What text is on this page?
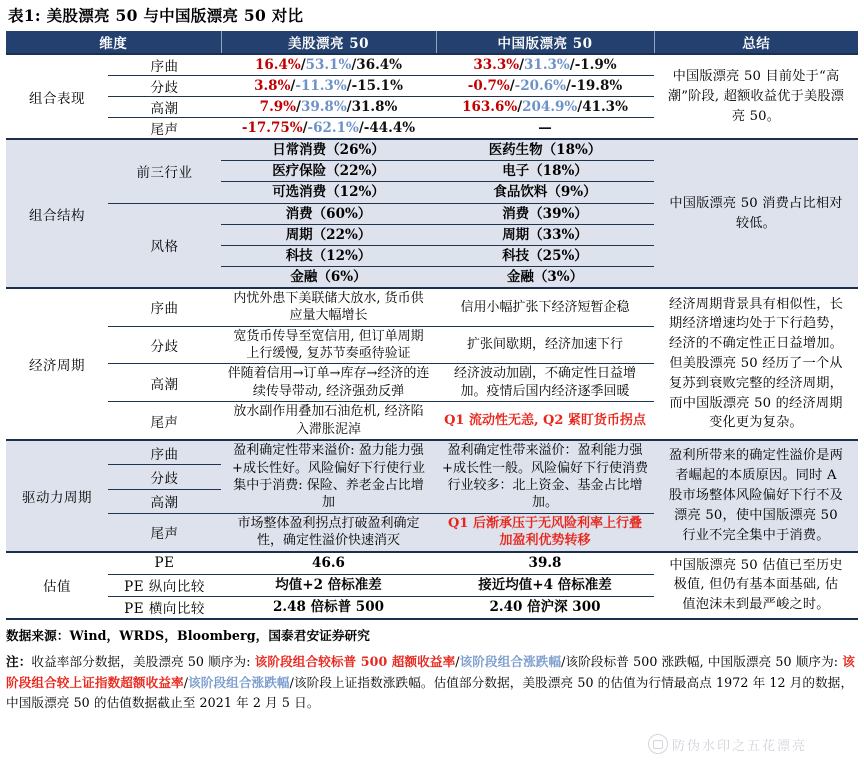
表1: 美股漂亮 50 与中国版漂亮 50 对比
维度		美股漂亮 50	中国版漂亮 50	总结
组合表现	序曲	16.4%/53.1%/36.4%	33.3%/31.3%/-1.9%	中国版漂亮 50 目前处于“高潮”阶段, 超额收益优于美股漂亮 50。
	分歧	3.8%/-11.3%/-15.1%	-0.7%/-20.6%/-19.8%	
	高潮	7.9%/39.8%/31.8%	163.6%/204.9%/41.3%	
	尾声	-17.75%/-62.1%/-44.4%	—	
组合结构	前三行业	日常消费（26%）	医药生物（18%）	中国版漂亮 50 消费占比相对较低。
		医疗保险（22%）	电子（18%）	
		可选消费（12%）	食品饮料（9%）	
	风格	消费（60%）	消费（39%）	
		周期（22%）	周期（33%）	
		科技（12%）	科技（25%）	
		金融（6%）	金融（3%）	
经济周期	序曲	内忧外患下美联储大放水, 货币供应量大幅增长	信用小幅扩张下经济短暂企稳	经济周期背景具有相似性，长期经济增速均处于下行趋势，经济的不确定性正日益增加。但美股漂亮 50 经历了一个从复苏到衰败完整的经济周期，而中国版漂亮 50 的经济周期变化更为复杂。
	分歧	宽货币传导至宽信用, 但订单周期上行缓慢, 复苏节奏亟待验证	扩张间歇期，经济加速下行	
	高潮	伴随着信用→订单→库存→经济的连续传导带动, 经济强劲反弹	经济波动加剧，不确定性日益增加。疫情后国内经济逐季回暖	
	尾声	放水副作用叠加石油危机, 经济陷入滞胀泥淖	Q1 流动性无恙, Q2 紧盯货币拐点	
驱动力周期	序曲	盈利确定性带来溢价: 盈力能力强+成长性好。风险偏好下行使行业集中于消费: 保险、养老金占比增加	盈利确定性带来溢价：盈利能力强+成长性一般。风险偏好下行使消费行业较多：北上资金、基金占比增加。	盈利所带来的确定性溢价是两者崛起的本质原因。同时 A 股市场整体风险偏好下行不及漂亮 50，使中国版漂亮 50 行业不完全集中于消费。
	分歧			
	高潮			
	尾声	市场整体盈利拐点打破盈利确定性，确定性溢价快速消灭	Q1 后渐承压于无风险利率上行叠加盈利优势转移	
估值	PE	46.6	39.8	中国版漂亮 50 估值已至历史极值, 但仍有基本面基础, 估值泡沫未到最严峻之时。
	PE 纵向比较	均值+2 倍标准差	接近均值+4 倍标准差	
	PE 横向比较	2.48 倍标普 500	2.40 倍沪深 300	
数据来源：Wind，WRDS，Bloomberg，国泰君安证券研究
注：收益率部分数据，美股漂亮 50 顺序为: 该阶段组合较标普 500 超额收益率/该阶段组合涨跌幅/该阶段标普 500 涨跌幅, 中国版漂亮 50 顺序为: 该阶段组合较上证指数超额收益率/该阶段组合涨跌幅/该阶段上证指数涨跌幅。估值部分数据，美股漂亮 50 的估值为行情最高点 1972 年 12 月的数据，中国版漂亮 50 的估值数据截止至 2021 年 2 月 5 日。
防伪水印之五花漂亮
